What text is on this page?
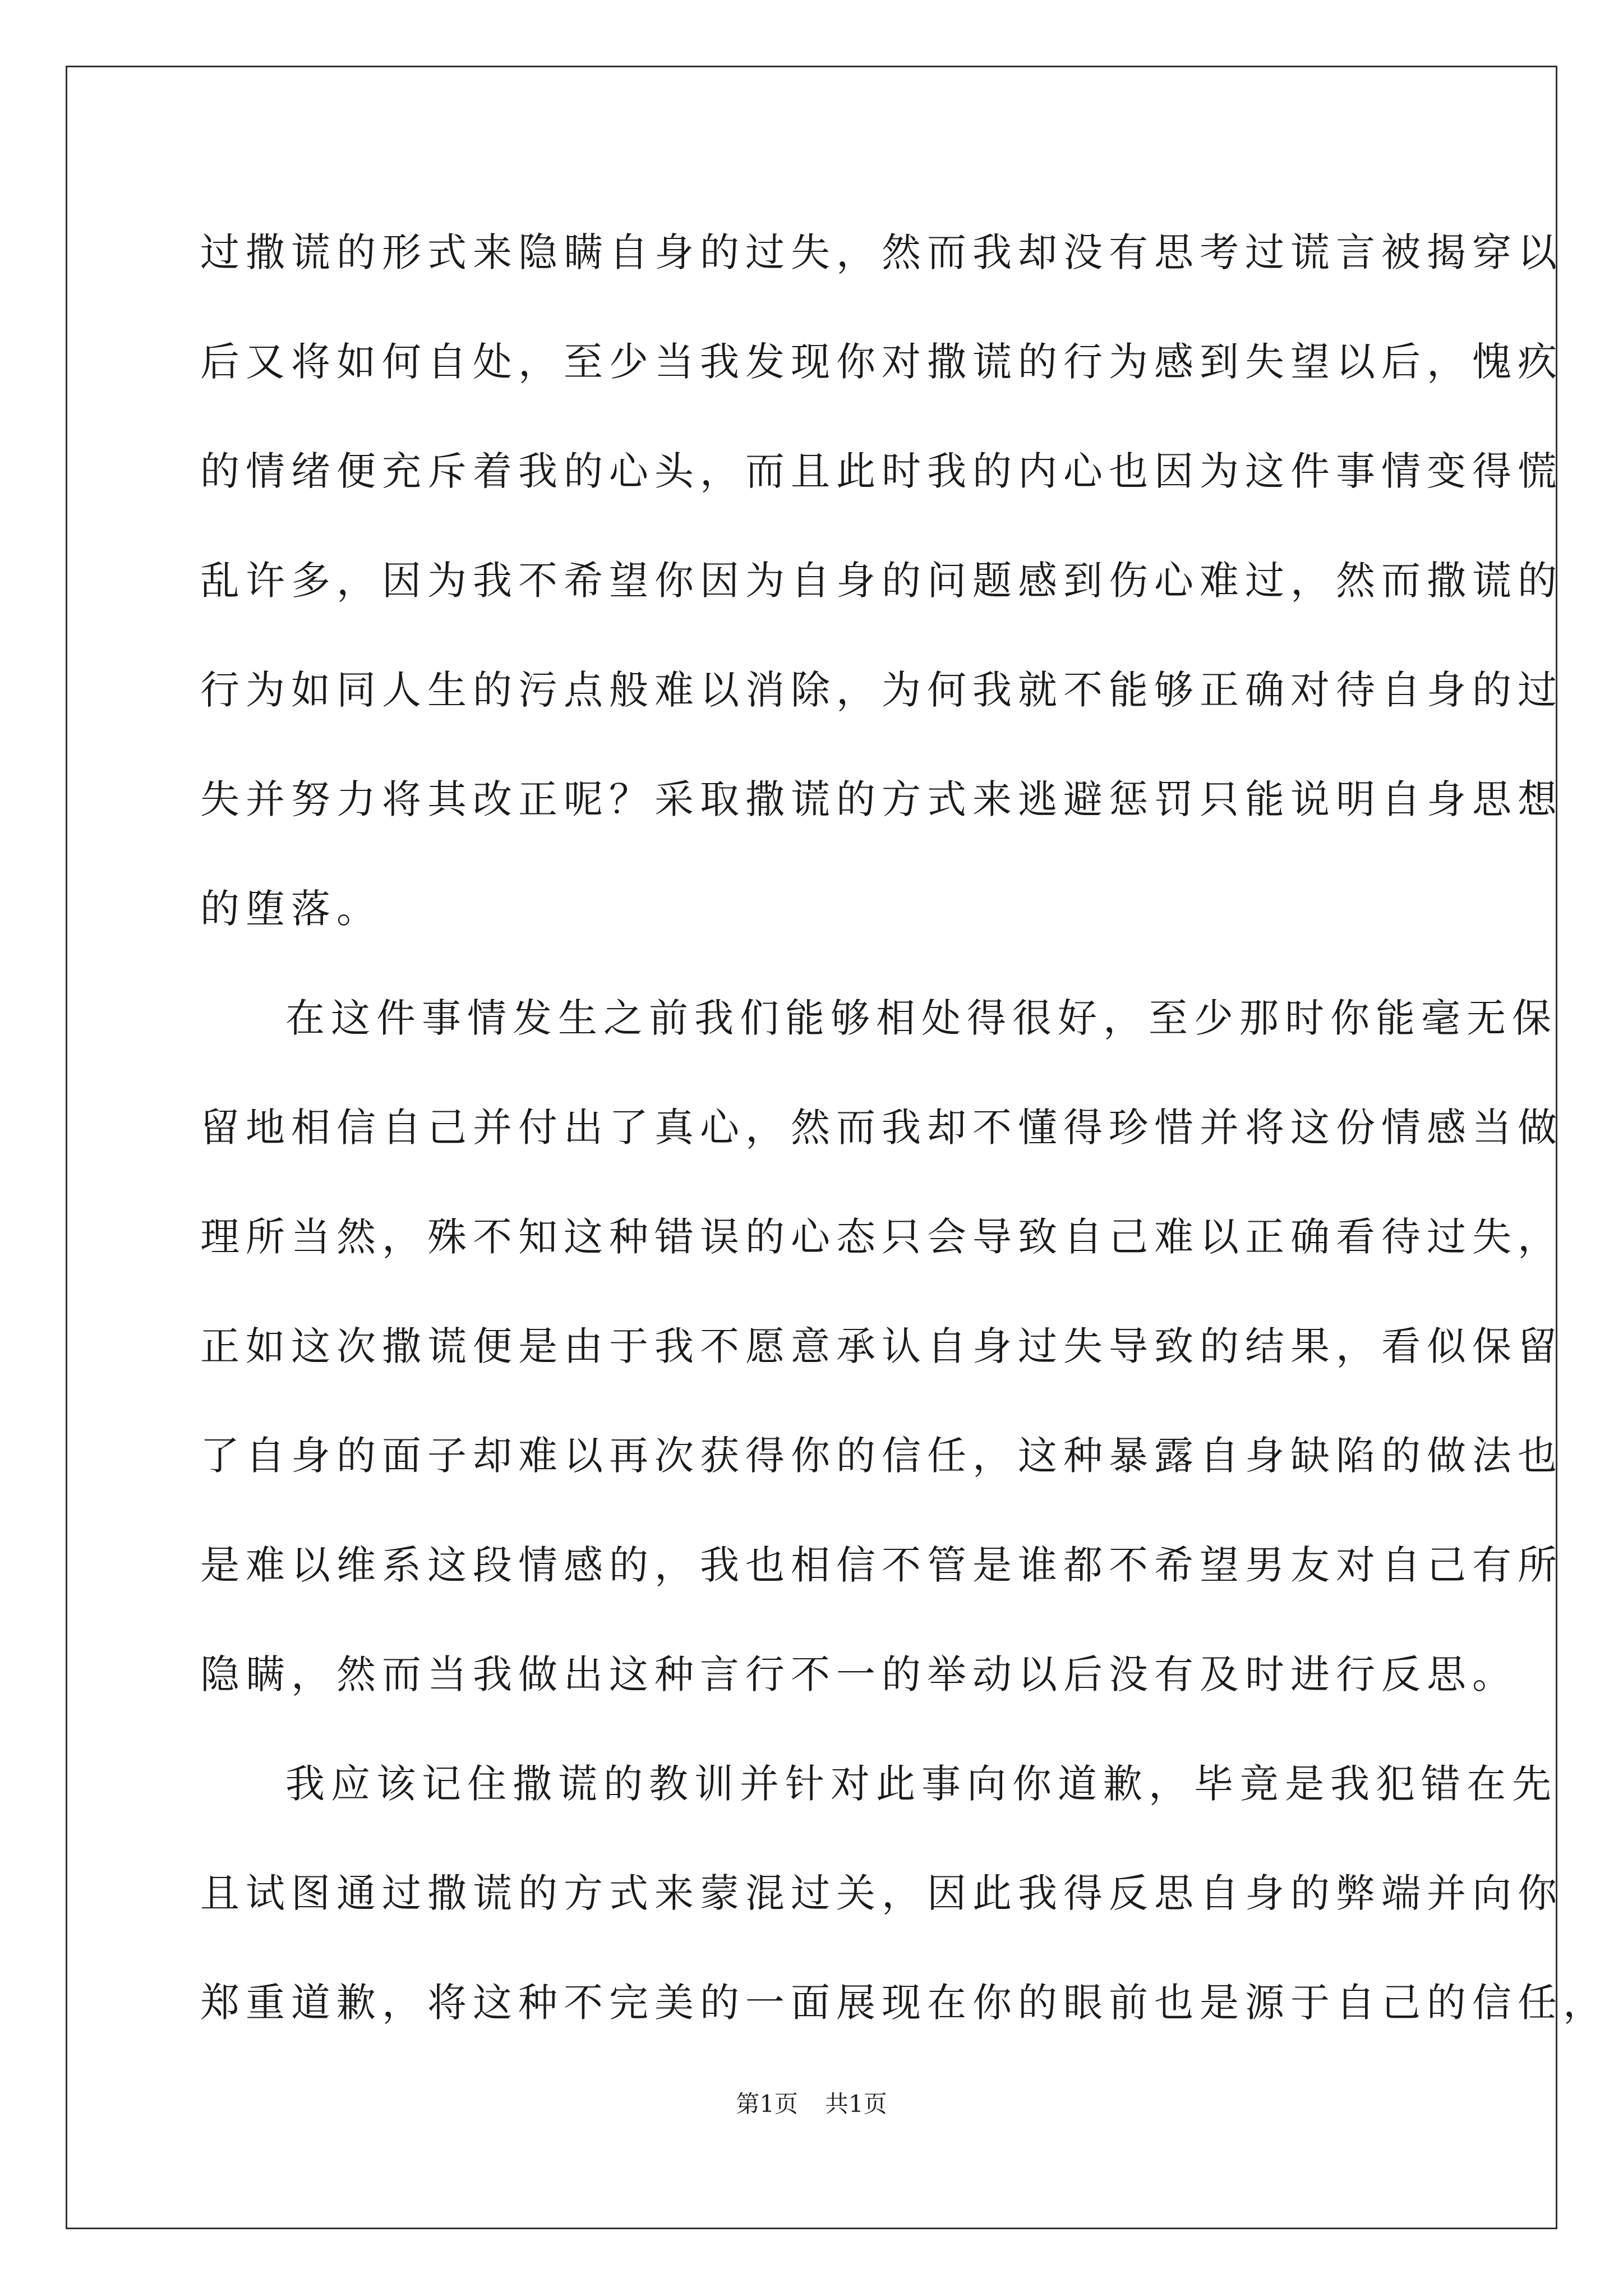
过撒谎的形式来隐瞒自身的过失，然而我却没有思考过谎言被揭穿以
后又将如何自处，至少当我发现你对撒谎的行为感到失望以后，愧疚
的情绪便充斥着我的心头，而且此时我的内心也因为这件事情变得慌
乱许多，因为我不希望你因为自身的问题感到伤心难过，然而撒谎的
行为如同人生的污点般难以消除，为何我就不能够正确对待自身的过
失并努力将其改正呢？采取撒谎的方式来逃避惩罚只能说明自身思想
的堕落。
在这件事情发生之前我们能够相处得很好，至少那时你能毫无保
留地相信自己并付出了真心，然而我却不懂得珍惜并将这份情感当做
理所当然，殊不知这种错误的心态只会导致自己难以正确看待过失，
正如这次撒谎便是由于我不愿意承认自身过失导致的结果，看似保留
了自身的面子却难以再次获得你的信任，这种暴露自身缺陷的做法也
是难以维系这段情感的，我也相信不管是谁都不希望男友对自己有所
隐瞒，然而当我做出这种言行不一的举动以后没有及时进行反思。
我应该记住撒谎的教训并针对此事向你道歉，毕竟是我犯错在先
且试图通过撒谎的方式来蒙混过关，因此我得反思自身的弊端并向你
郑重道歉，将这种不完美的一面展现在你的眼前也是源于自己的信任，
第1页 共1页
